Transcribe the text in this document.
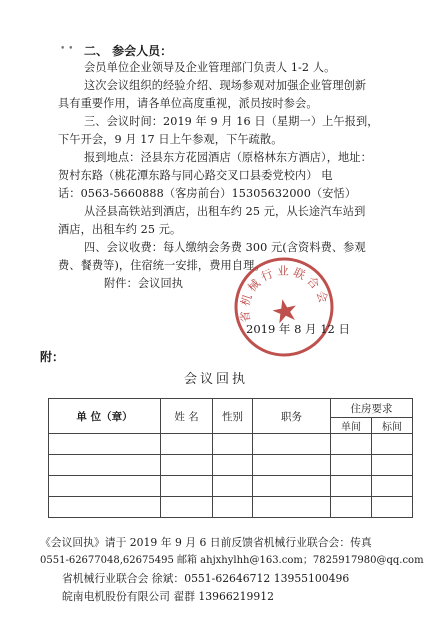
• • 二、 参会人员：
会员单位企业领导及企业管理部门负责人 1-2 人。
这次会议组织的经验介绍、现场参观对加强企业管理创新
具有重要作用，请各单位高度重视，派员按时参会。
三、会议时间：2019 年 9 月 16 日（星期一）上午报到，
下午开会，9 月 17 日上午参观，下午疏散。
报到地点：泾县东方花园酒店（原格林东方酒店），地址：
贺村东路（桃花潭东路与同心路交叉口县委党校内） 电
话：0563-5660888（客房前台）15305632000（安恬）
从泾县高铁站到酒店，出租车约 25 元，从长途汽车站到
酒店，出租车约 25 元。
四、会议收费：每人缴纳会务费 300 元(含资料费、参观
费、餐费等)，住宿统一安排，费用自理。
附件：会议回执
省机械行业联合会
2019 年 8 月 12 日
附：
会议回执
单 位（章）	姓 名	性别	职务	住房要求	
				单间	标间

《会议回执》请于 2019 年 9 月 6 日前反馈省机械行业联合会：传真
0551-62677048,62675495 邮箱 ahjxhylhh@163.com；7825917980@qq.com
省机械行业联合会 徐斌：0551-62646712 13955100496
皖南电机股份有限公司 翟群 13966219912
